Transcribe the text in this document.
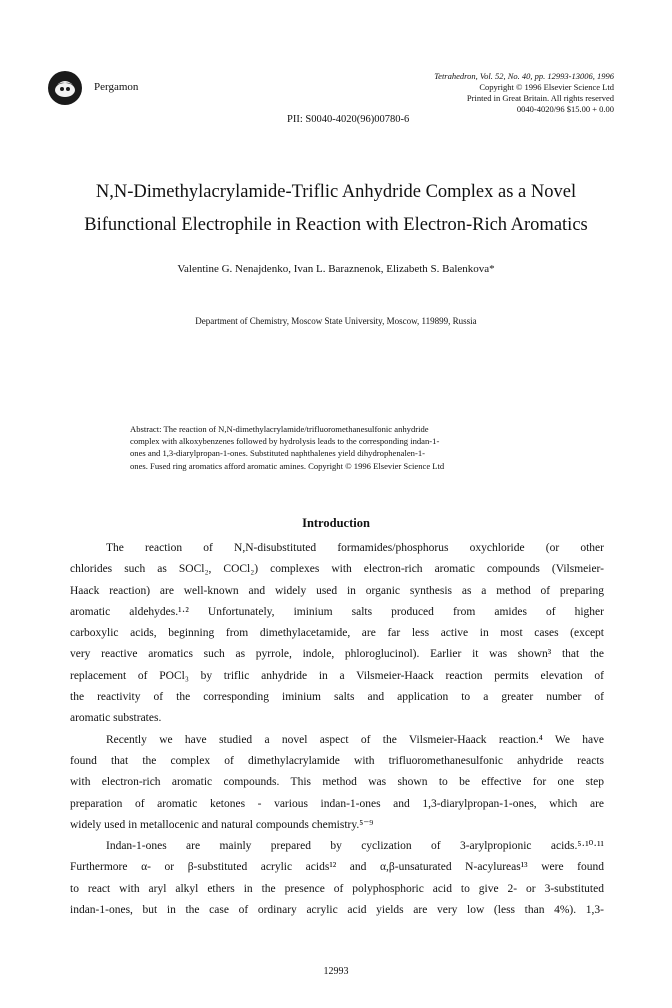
Pergamon
Tetrahedron, Vol. 52, No. 40, pp. 12993-13006, 1996
Copyright © 1996 Elsevier Science Ltd
Printed in Great Britain. All rights reserved
0040-4020/96 $15.00 + 0.00
PII: S0040-4020(96)00780-6
N,N-Dimethylacrylamide-Triflic Anhydride Complex as a Novel
Bifunctional Electrophile in Reaction with Electron-Rich Aromatics
Valentine G. Nenajdenko, Ivan L. Baraznenok, Elizabeth S. Balenkova*
Department of Chemistry, Moscow State University, Moscow, 119899, Russia
Abstract: The reaction of N,N-dimethylacrylamide/trifluoromethanesulfonic anhydride
complex with alkoxybenzenes followed by hydrolysis leads to the corresponding indan-1-
ones and 1,3-diarylpropan-1-ones. Substituted naphthalenes yield dihydrophenalen-1-
ones. Fused ring aromatics afford aromatic amines. Copyright © 1996 Elsevier Science Ltd
Introduction
The reaction of N,N-disubstituted formamides/phosphorus oxychloride (or other
chlorides such as SOCl₂, COCl₂) complexes with electron-rich aromatic compounds (Vilsmeier-
Haack reaction) are well-known and widely used in organic synthesis as a method of preparing
aromatic aldehydes.¹·² Unfortunately, iminium salts produced from amides of higher
carboxylic acids, beginning from dimethylacetamide, are far less active in most cases (except
very reactive aromatics such as pyrrole, indole, phloroglucinol). Earlier it was shown³ that the
replacement of POCl₃ by triflic anhydride in a Vilsmeier-Haack reaction permits elevation of
the reactivity of the corresponding iminium salts and application to a greater number of
aromatic substrates.
Recently we have studied a novel aspect of the Vilsmeier-Haack reaction.⁴ We have
found that the complex of dimethylacrylamide with trifluoromethanesulfonic anhydride reacts
with electron-rich aromatic compounds. This method was shown to be effective for one step
preparation of aromatic ketones - various indan-1-ones and 1,3-diarylpropan-1-ones, which are
widely used in metallocenic and natural compounds chemistry.⁵⁻⁹
Indan-1-ones are mainly prepared by cyclization of 3-arylpropionic acids.⁵·¹⁰·¹¹
Furthermore α- or β-substituted acrylic acids¹² and α,β-unsaturated N-acylureas¹³ were found
to react with aryl alkyl ethers in the presence of polyphosphoric acid to give 2- or 3-substituted
indan-1-ones, but in the case of ordinary acrylic acid yields are very low (less than 4%). 1,3-
12993
